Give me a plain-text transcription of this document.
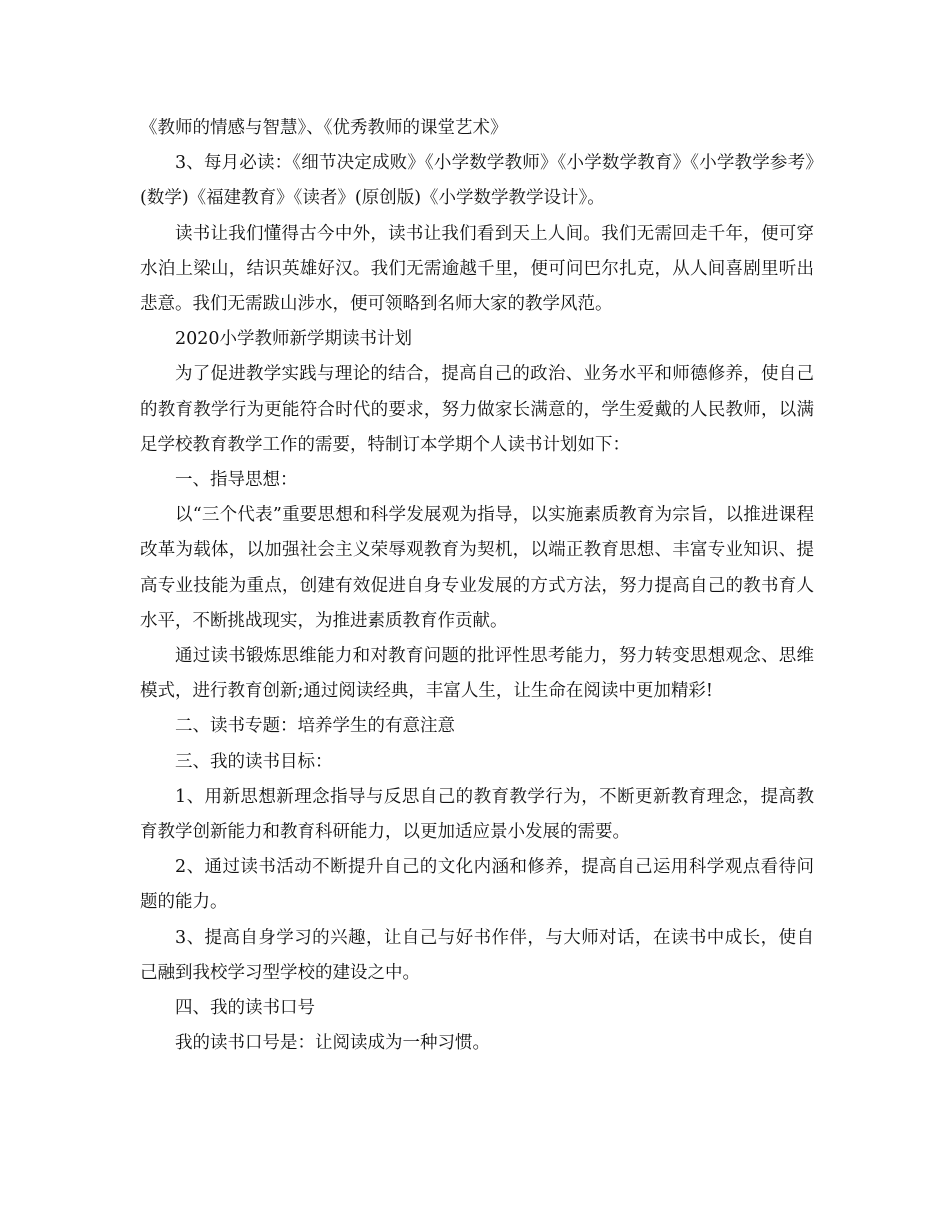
《教师的情感与智慧》、《优秀教师的课堂艺术》

3、每月必读：《细节决定成败》《小学数学教师》《小学数学教育》《小学教学参考》(数学)《福建教育》《读者》(原创版)《小学数学教学设计》。

读书让我们懂得古今中外，读书让我们看到天上人间。我们无需回走千年，便可穿水泊上梁山，结识英雄好汉。我们无需逾越千里，便可问巴尔扎克，从人间喜剧里听出悲意。我们无需跋山涉水，便可领略到名师大家的教学风范。

2020小学教师新学期读书计划

为了促进教学实践与理论的结合，提高自己的政治、业务水平和师德修养，使自己的教育教学行为更能符合时代的要求，努力做家长满意的，学生爱戴的人民教师，以满足学校教育教学工作的需要，特制订本学期个人读书计划如下：

一、指导思想：

以“三个代表”重要思想和科学发展观为指导，以实施素质教育为宗旨，以推进课程改革为载体，以加强社会主义荣辱观教育为契机，以端正教育思想、丰富专业知识、提高专业技能为重点，创建有效促进自身专业发展的方式方法，努力提高自己的教书育人水平，不断挑战现实，为推进素质教育作贡献。

通过读书锻炼思维能力和对教育问题的批评性思考能力，努力转变思想观念、思维模式，进行教育创新;通过阅读经典，丰富人生，让生命在阅读中更加精彩!

二、读书专题：培养学生的有意注意

三、我的读书目标：

1、用新思想新理念指导与反思自己的教育教学行为，不断更新教育理念，提高教育教学创新能力和教育科研能力，以更加适应景小发展的需要。

2、通过读书活动不断提升自己的文化内涵和修养，提高自己运用科学观点看待问题的能力。

3、提高自身学习的兴趣，让自己与好书作伴，与大师对话，在读书中成长，使自己融到我校学习型学校的建设之中。

四、我的读书口号

我的读书口号是：让阅读成为一种习惯。
